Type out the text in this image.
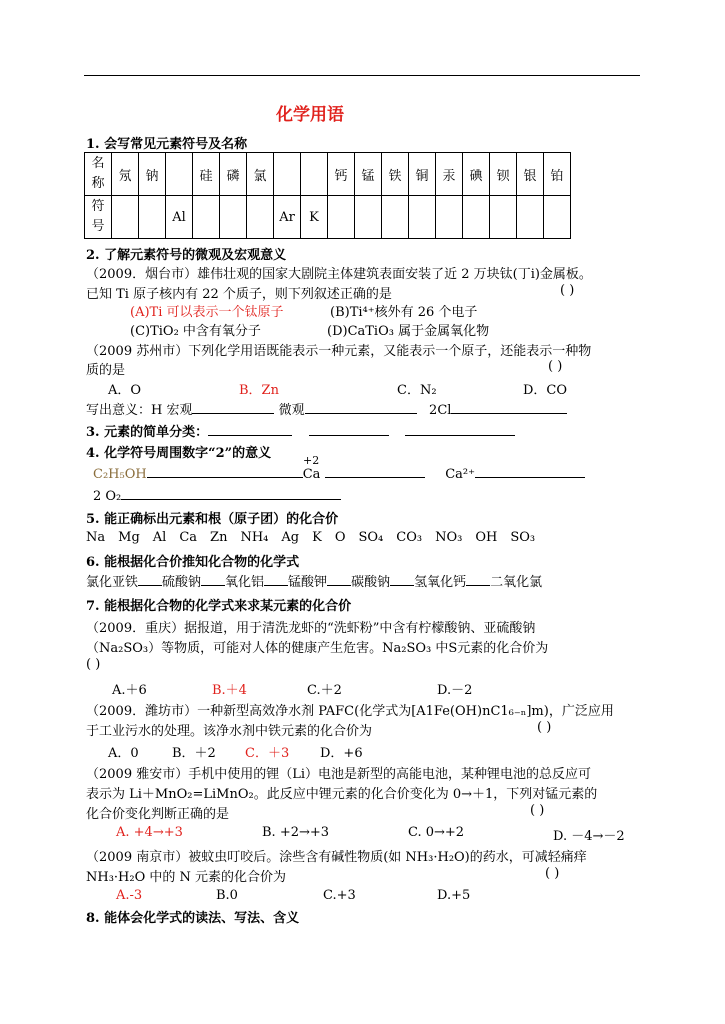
化学用语
1. 会写常见元素符号及名称
名
称	氖	钠		硅	磷	氯			钙	锰	铁	铜	汞	碘	钡	银	铂
符
号			Al				Ar	K									
2. 了解元素符号的微观及宏观意义
（2009．烟台市）雄伟壮观的国家大剧院主体建筑表面安装了近 2 万块钛(丁i)金属板。
已知 Ti 原子核内有 22 个质子，则下列叙述正确的是	( )
(A)Ti 可以表示一个钛原子	(B)Ti⁴⁺核外有 26 个电子
(C)TiO₂ 中含有氧分子	(D)CaTiO₃ 属于金属氧化物
（2009 苏州市）下列化学用语既能表示一种元素，又能表示一个原子，还能表示一种物
质的是	( )
A．O	B．Zn	C．N₂	D．CO
写出意义：H 宏观	微观	2Cl
3. 元素的简单分类：
4. 化学符号周围数字“2”的意义	+2
C₂H₅OH	Ca	Ca²⁺
2 O₂
5. 能正确标出元素和根（原子团）的化合价
Na Mg Al Ca Zn NH₄ Ag K O SO₄ CO₃ NO₃ OH SO₃
6. 能根据化合价推知化合物的化学式
氯化亚铁 硫酸钠 氧化铝 锰酸钾 碳酸钠 氢氧化钙 二氧化氯
7. 能根据化合物的化学式来求某元素的化合价
（2009．重庆）据报道，用于清洗龙虾的“洗虾粉”中含有柠檬酸钠、亚硫酸钠
（Na₂SO₃）等物质，可能对人体的健康产生危害。Na₂SO₃ 中S元素的化合价为
( )
A.＋6	B.＋4	C.＋2	D.－2
（2009．潍坊市）一种新型高效净水剂 PAFC(化学式为[A1Fe(OH)nC1₆₋ₙ]m)，广泛应用
于工业污水的处理。该净水剂中铁元素的化合价为	( )
A．0	B．＋2 C．＋3 D．+6
（2009 雅安市）手机中使用的锂（Li）电池是新型的高能电池，某种锂电池的总反应可
表示为 Li＋MnO₂=LiMnO₂。此反应中锂元素的化合价变化为 0→＋1，下列对锰元素的
化合价变化判断正确的是	( )
A. +4→+3	B. +2→+3	C. 0→+2	D. －4→－2
（2009 南京市）被蚊虫叮咬后。涂些含有碱性物质(如 NH₃·H₂O)的药水，可减轻痛痒
NH₃·H₂O 中的 N 元素的化合价为	( )
A.-3	B.0	C.+3	D.+5
8. 能体会化学式的读法、写法、含义
